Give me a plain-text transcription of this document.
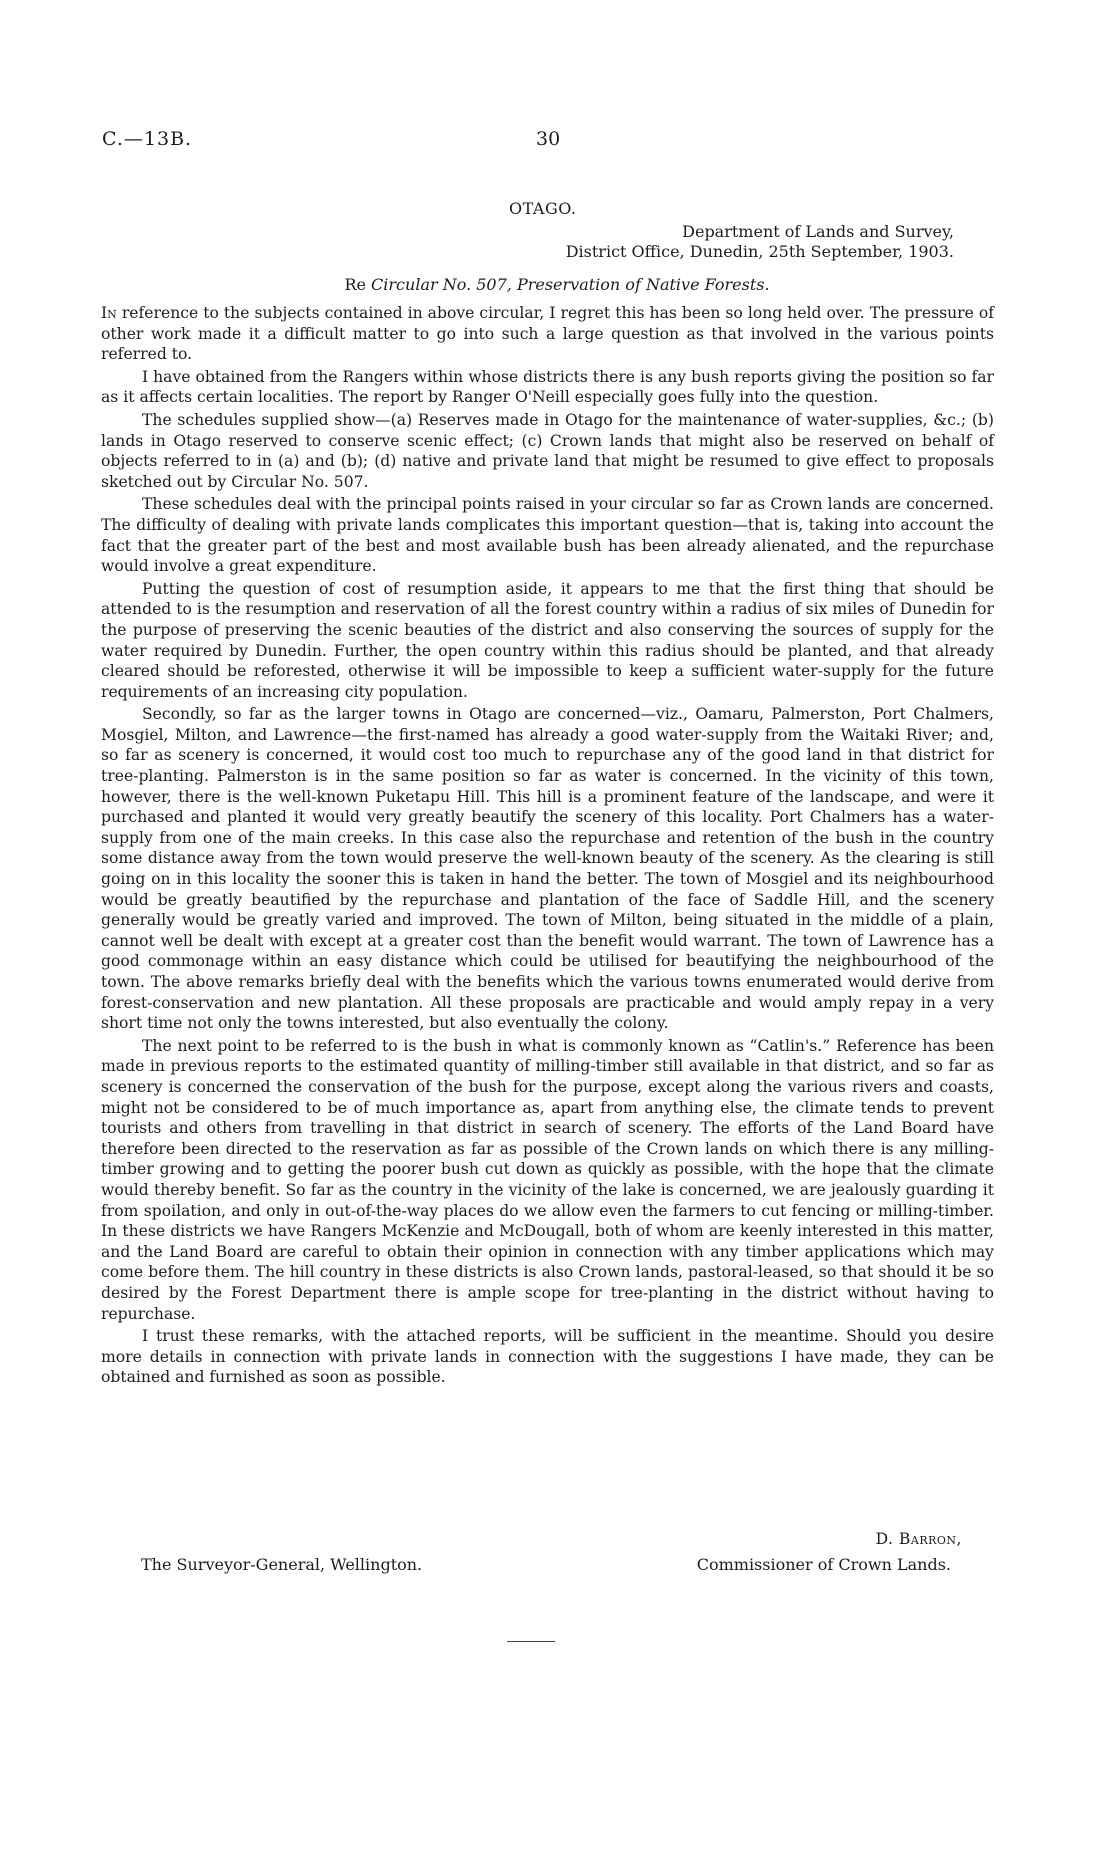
C.—13B.	30
OTAGO.
Department of Lands and Survey,
District Office, Dunedin, 25th September, 1903.
Re Circular No. 507, Preservation of Native Forests.

In reference to the subjects contained in above circular, I regret this has been so long held over. The pressure of other work made it a difficult matter to go into such a large question as that involved in the various points referred to.

I have obtained from the Rangers within whose districts there is any bush reports giving the position so far as it affects certain localities. The report by Ranger O'Neill especially goes fully into the question.

The schedules supplied show—(a) Reserves made in Otago for the maintenance of water-supplies, &c.; (b) lands in Otago reserved to conserve scenic effect; (c) Crown lands that might also be reserved on behalf of objects referred to in (a) and (b); (d) native and private land that might be resumed to give effect to proposals sketched out by Circular No. 507.

These schedules deal with the principal points raised in your circular so far as Crown lands are concerned. The difficulty of dealing with private lands complicates this important question—that is, taking into account the fact that the greater part of the best and most available bush has been already alienated, and the repurchase would involve a great expenditure.

Putting the question of cost of resumption aside, it appears to me that the first thing that should be attended to is the resumption and reservation of all the forest country within a radius of six miles of Dunedin for the purpose of preserving the scenic beauties of the district and also conserving the sources of supply for the water required by Dunedin. Further, the open country within this radius should be planted, and that already cleared should be reforested, otherwise it will be impossible to keep a sufficient water-supply for the future requirements of an increasing city population.

Secondly, so far as the larger towns in Otago are concerned—viz., Oamaru, Palmerston, Port Chalmers, Mosgiel, Milton, and Lawrence—the first-named has already a good water-supply from the Waitaki River; and, so far as scenery is concerned, it would cost too much to repurchase any of the good land in that district for tree-planting. Palmerston is in the same position so far as water is concerned. In the vicinity of this town, however, there is the well-known Puketapu Hill. This hill is a prominent feature of the landscape, and were it purchased and planted it would very greatly beautify the scenery of this locality. Port Chalmers has a water-supply from one of the main creeks. In this case also the repurchase and retention of the bush in the country some distance away from the town would preserve the well-known beauty of the scenery. As the clearing is still going on in this locality the sooner this is taken in hand the better. The town of Mosgiel and its neighbourhood would be greatly beautified by the repurchase and plantation of the face of Saddle Hill, and the scenery generally would be greatly varied and improved. The town of Milton, being situated in the middle of a plain, cannot well be dealt with except at a greater cost than the benefit would warrant. The town of Lawrence has a good commonage within an easy distance which could be utilised for beautifying the neighbourhood of the town. The above remarks briefly deal with the benefits which the various towns enumerated would derive from forest-conservation and new plantation. All these proposals are practicable and would amply repay in a very short time not only the towns interested, but also eventually the colony.

The next point to be referred to is the bush in what is commonly known as “Catlin's.” Reference has been made in previous reports to the estimated quantity of milling-timber still available in that district, and so far as scenery is concerned the conservation of the bush for the purpose, except along the various rivers and coasts, might not be considered to be of much importance as, apart from anything else, the climate tends to prevent tourists and others from travelling in that district in search of scenery. The efforts of the Land Board have therefore been directed to the reservation as far as possible of the Crown lands on which there is any milling-timber growing and to getting the poorer bush cut down as quickly as possible, with the hope that the climate would thereby benefit. So far as the country in the vicinity of the lake is concerned, we are jealously guarding it from spoilation, and only in out-of-the-way places do we allow even the farmers to cut fencing or milling-timber. In these districts we have Rangers McKenzie and McDougall, both of whom are keenly interested in this matter, and the Land Board are careful to obtain their opinion in connection with any timber applications which may come before them. The hill country in these districts is also Crown lands, pastoral-leased, so that should it be so desired by the Forest Department there is ample scope for tree-planting in the district without having to repurchase.

I trust these remarks, with the attached reports, will be sufficient in the meantime. Should you desire more details in connection with private lands in connection with the suggestions I have made, they can be obtained and furnished as soon as possible.

D. Barron,
The Surveyor-General, Wellington.	Commissioner of Crown Lands.
